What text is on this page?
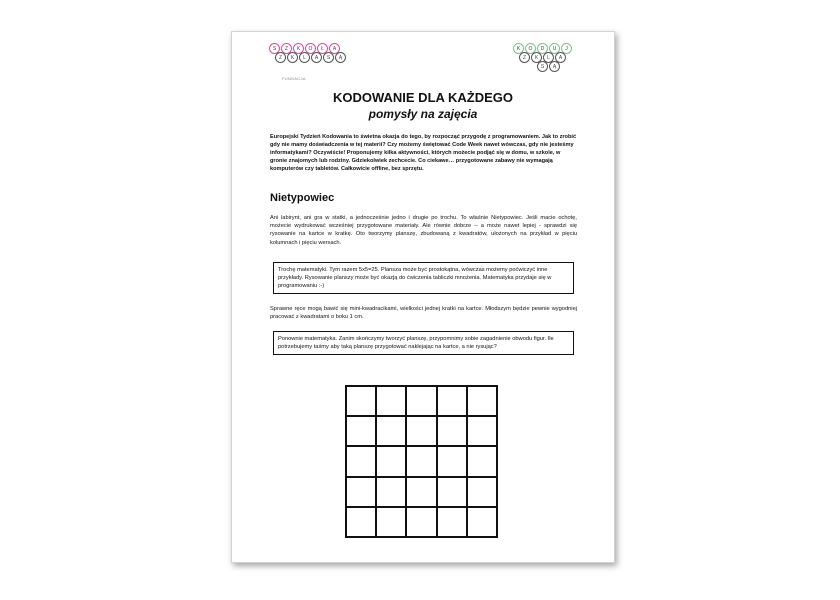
S	Z	K	O	Ł	A
Z	K	L	A	S	Ą
FUNDACJA
K	O	D	U	J
Z	K	L	A
S	Ą
KODOWANIE DLA KAŻDEGO
pomysły na zajęcia

Europejski Tydzień Kodowania to świetna okazja do tego, by rozpocząć przygodę z programowaniem. Jak to zrobić gdy nie mamy doświadczenia w tej materii? Czy możemy świętować Code Week nawet wówczas, gdy nie jesteśmy informatykami? Oczywiście! Proponujemy kilka aktywności, których możecie podjąć się w domu, w szkole, w gronie znajomych lub rodziny. Gdziekolwiek zechcecie. Co ciekawe… przygotowane zabawy nie wymagają komputerów czy tabletów. Całkowicie offline, bez sprzętu.

Nietypowiec

Ani labirynt, ani gra w statki, a jednocześnie jedno i drugie po trochu. To właśnie Nietypowiec. Jeśli macie ochotę, możecie wydrukować wcześniej przygotowane materiały. Ale równie dobrze – a może nawet lepiej - sprawdzi się rysowanie na kartce w kratkę. Oto tworzymy planszę, zbudowaną z kwadratów, ułożonych na przykład w pięciu kolumnach i pięciu wersach.

Trochę matematyki. Tym razem 5x5=25. Plansza może być prostokątna, wówczas możemy poćwiczyć inne przykłady. Rysowanie planszy może być okazją do ćwiczenia tabliczki mnożenia. Matematyka przydaje się w programowaniu :-)

Sprawne ręce mogą bawić się mini-kwadracikami, wielkości jednej kratki na kartce. Młodszym będzie pewnie wygodniej pracować z kwadratami o boku 1 cm.

Ponownie matematyka. Zanim skończymy tworzyć planszę, przypomnimy sobie zagadnienie obwodu figur. Ile potrzebujemy taśmy aby taką planszę przygotować naklejając na kartce, a nie rysując?
